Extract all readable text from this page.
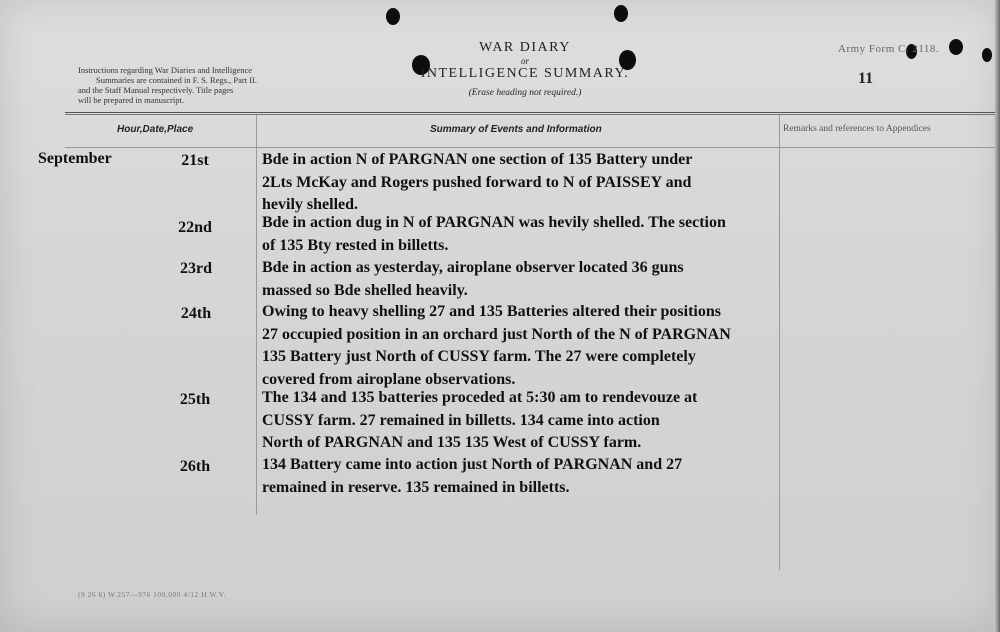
Instructions regarding War Diaries and Intelligence
Summaries are contained in F. S. Regs., Part II.
and the Staff Manual respectively. Title pages
will be prepared in manuscript.
WAR DIARY
or
INTELLIGENCE SUMMARY.
(Erase heading not required.)
Army Form C. 2118.
11
Hour,Date,Place	Summary of Events and Information	Remarks and references to Appendices
September	21st	Bde in action N of PARGNAN one section of 135 Battery under
2Lts McKay and Rogers pushed forward to N of PAISSEY and
hevily shelled.
22nd	Bde in action dug in N of PARGNAN was hevily shelled. The section
of 135 Bty rested in billetts.
23rd	Bde in action as yesterday, airoplane observer located 36 guns
massed so Bde shelled heavily.
24th	Owing to heavy shelling 27 and 135 Batteries altered their positions
27 occupied position in an orchard just North of the N of PARGNAN
135 Battery just North of CUSSY farm. The 27 were completely
covered from airoplane observations.
25th	The 134 and 135 batteries proceded at 5:30 am to rendevouze at
CUSSY farm. 27 remained in billetts. 134 came into action
North of PARGNAN and 135 135 West of CUSSY farm.
26th	134 Battery came into action just North of PARGNAN and 27
remained in reserve. 135 remained in billetts.
(9 26 6) W.257—976 100,000 4/12 H.W.V.
